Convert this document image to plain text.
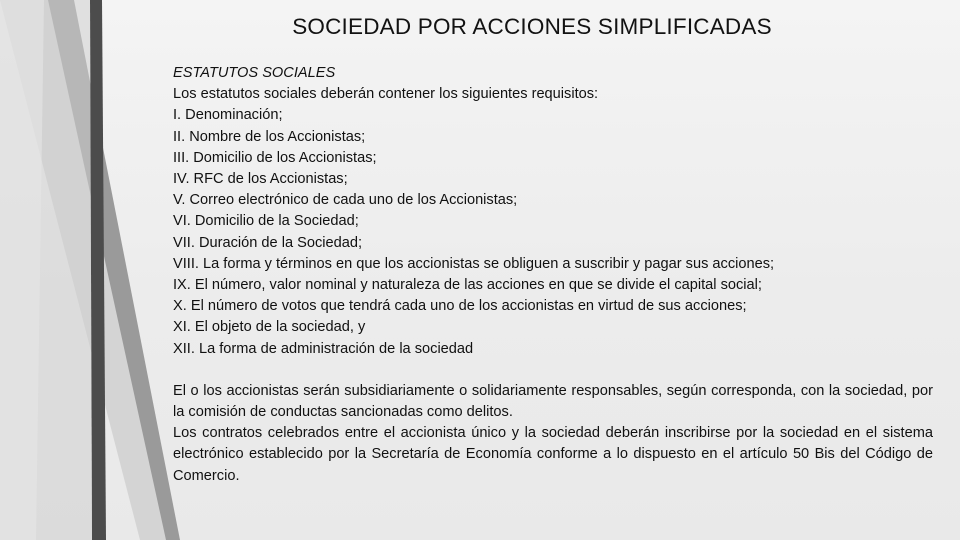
SOCIEDAD POR ACCIONES SIMPLIFICADAS
ESTATUTOS SOCIALES
Los estatutos sociales deberán contener los siguientes requisitos:
I. Denominación;
II. Nombre de los Accionistas;
III. Domicilio de los Accionistas;
IV. RFC de los Accionistas;
V. Correo electrónico de cada uno de los Accionistas;
VI. Domicilio de la Sociedad;
VII. Duración de la Sociedad;
VIII. La forma y términos en que los accionistas se obliguen a suscribir y pagar sus acciones;
IX. El número, valor nominal y naturaleza de las acciones en que se divide el capital social;
X. El número de votos que tendrá cada uno de los accionistas en virtud de sus acciones;
XI. El objeto de la sociedad, y
XII. La forma de administración de la sociedad

El o los accionistas serán subsidiariamente o solidariamente responsables, según corresponda, con la sociedad, por la comisión de conductas sancionadas como delitos.

Los contratos celebrados entre el accionista único y la sociedad deberán inscribirse por la sociedad en el sistema electrónico establecido por la Secretaría de Economía conforme a lo dispuesto en el artículo 50 Bis del Código de Comercio.
